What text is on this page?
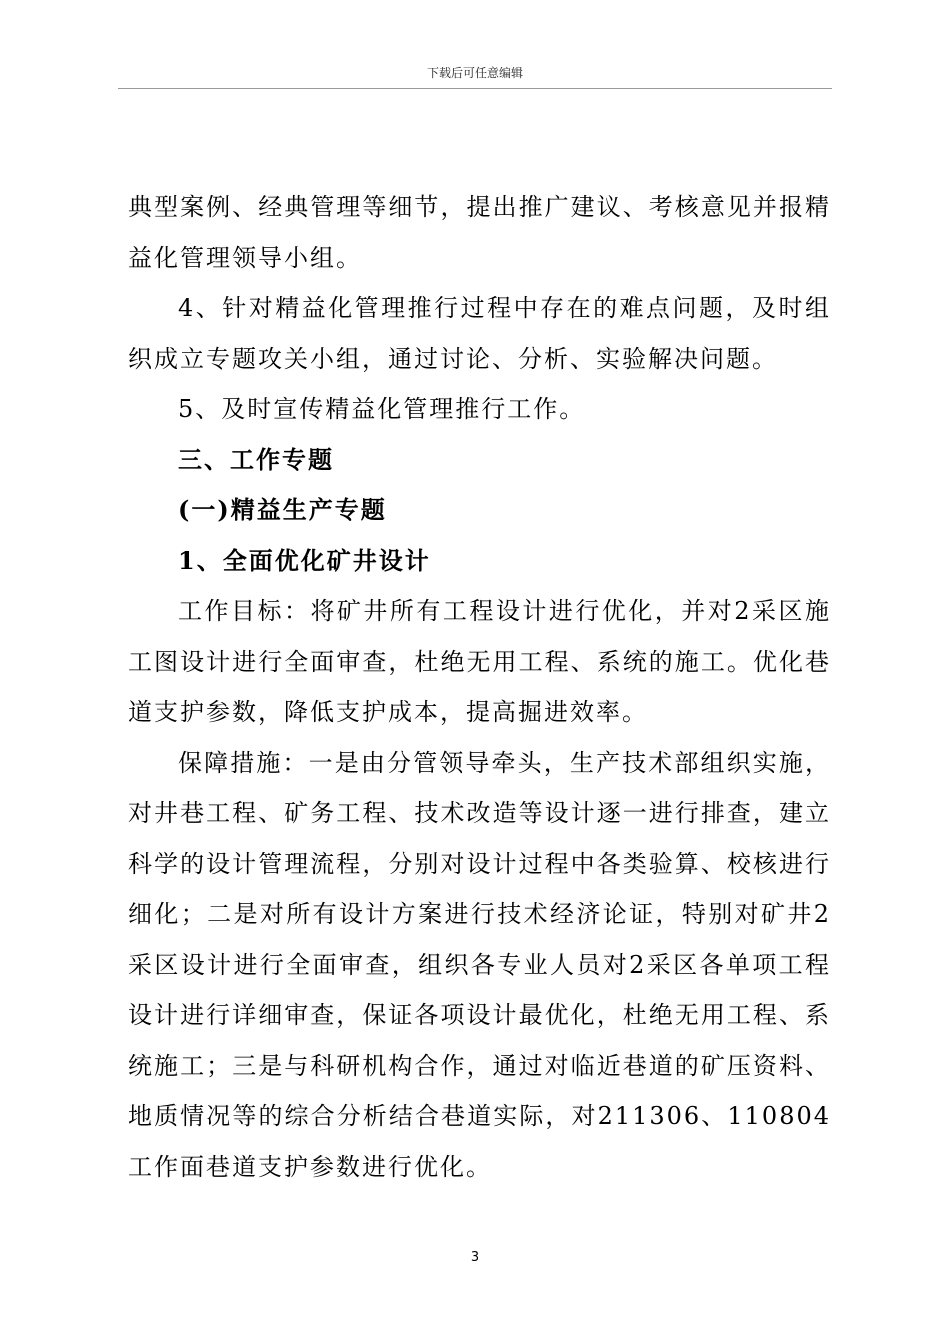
下载后可任意编辑

典型案例、经典管理等细节，提出推广建议、考核意见并报精益化管理领导小组。

4、针对精益化管理推行过程中存在的难点问题，及时组织成立专题攻关小组，通过讨论、分析、实验解决问题。

5、及时宣传精益化管理推行工作。

三、工作专题

(一)精益生产专题

1、全面优化矿井设计

工作目标：将矿井所有工程设计进行优化，并对2采区施工图设计进行全面审查，杜绝无用工程、系统的施工。优化巷道支护参数，降低支护成本，提高掘进效率。

保障措施：一是由分管领导牵头，生产技术部组织实施，对井巷工程、矿务工程、技术改造等设计逐一进行排查，建立科学的设计管理流程，分别对设计过程中各类验算、校核进行细化；二是对所有设计方案进行技术经济论证，特别对矿井2采区设计进行全面审查，组织各专业人员对2采区各单项工程设计进行详细审查，保证各项设计最优化，杜绝无用工程、系统施工；三是与科研机构合作，通过对临近巷道的矿压资料、地质情况等的综合分析结合巷道实际，对211306、110804工作面巷道支护参数进行优化。

3
